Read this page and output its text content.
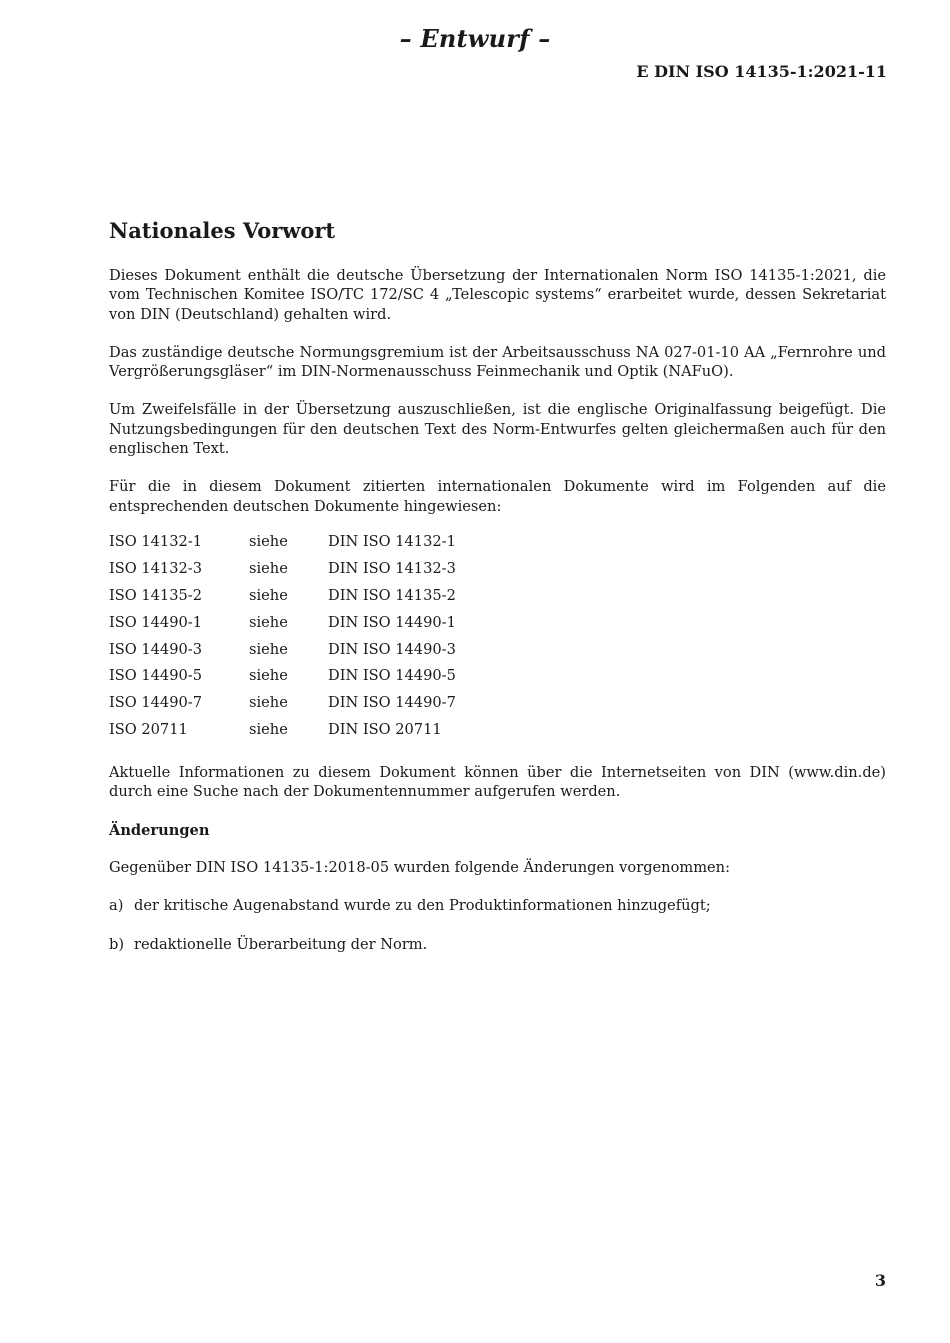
– Entwurf –
E DIN ISO 14135-1:2021-11
Nationales Vorwort

Dieses Dokument enthält die deutsche Übersetzung der Internationalen Norm ISO 14135-1:2021, die vom Technischen Komitee ISO/TC 172/SC 4 „Telescopic systems“ erarbeitet wurde, dessen Sekretariat von DIN (Deutschland) gehalten wird.

Das zuständige deutsche Normungsgremium ist der Arbeitsausschuss NA 027-01-10 AA „Fernrohre und Vergrößerungsgläser“ im DIN-Normenausschuss Feinmechanik und Optik (NAFuO).

Um Zweifelsfälle in der Übersetzung auszuschließen, ist die englische Originalfassung beigefügt. Die Nutzungsbedingungen für den deutschen Text des Norm-Entwurfes gelten gleichermaßen auch für den englischen Text.

Für die in diesem Dokument zitierten internationalen Dokumente wird im Folgenden auf die entsprechenden deutschen Dokumente hingewiesen:

ISO 14132-1	siehe	DIN ISO 14132-1
ISO 14132-3	siehe	DIN ISO 14132-3
ISO 14135-2	siehe	DIN ISO 14135-2
ISO 14490-1	siehe	DIN ISO 14490-1
ISO 14490-3	siehe	DIN ISO 14490-3
ISO 14490-5	siehe	DIN ISO 14490-5
ISO 14490-7	siehe	DIN ISO 14490-7
ISO 20711	siehe	DIN ISO 20711

Aktuelle Informationen zu diesem Dokument können über die Internetseiten von DIN (www.din.de) durch eine Suche nach der Dokumentennummer aufgerufen werden.

Änderungen

Gegenüber DIN ISO 14135-1:2018-05 wurden folgende Änderungen vorgenommen:

a) der kritische Augenabstand wurde zu den Produktinformationen hinzugefügt;
b) redaktionelle Überarbeitung der Norm.
3
